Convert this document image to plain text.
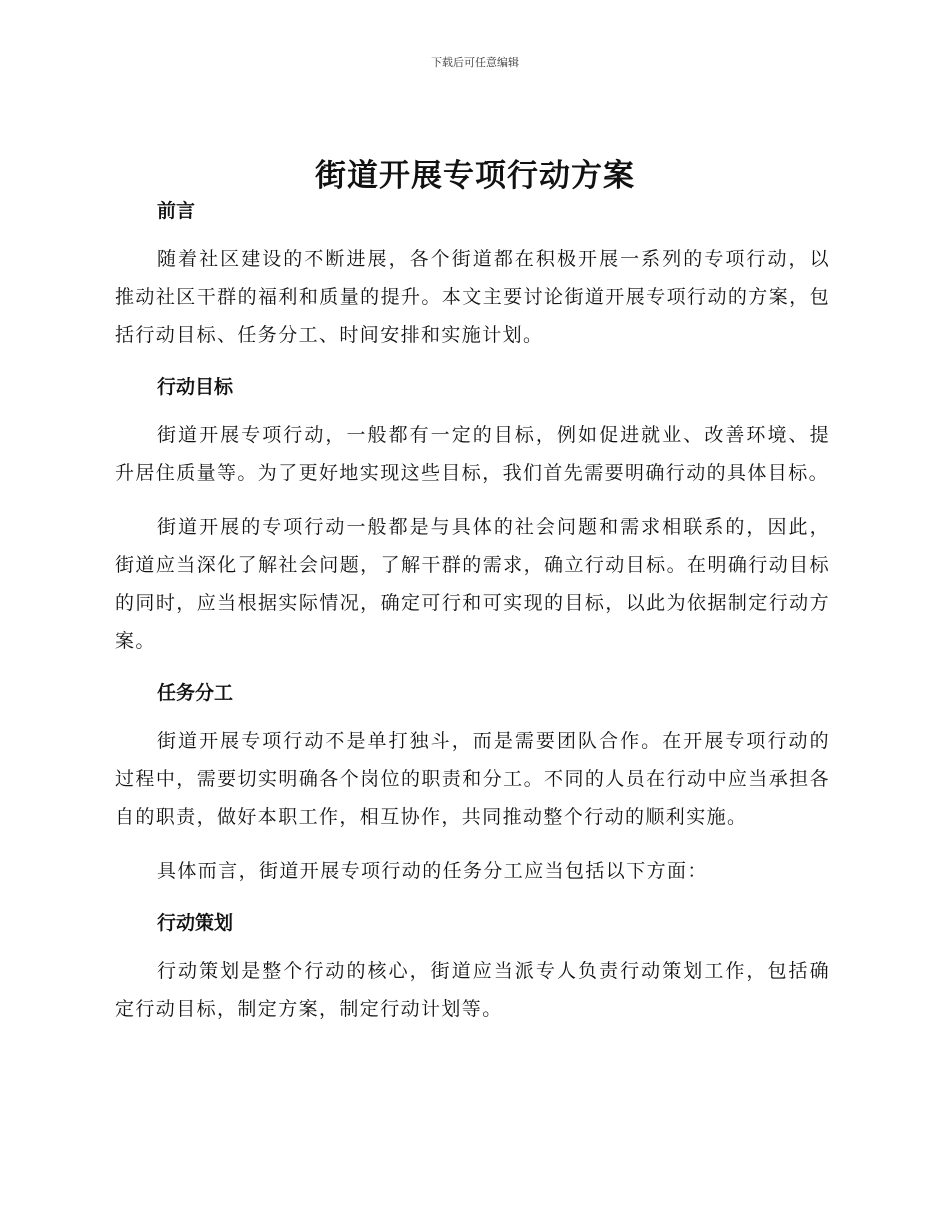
下载后可任意编辑
街道开展专项行动方案
前言

随着社区建设的不断进展，各个街道都在积极开展一系列的专项行动，以推动社区干群的福利和质量的提升。本文主要讨论街道开展专项行动的方案，包括行动目标、任务分工、时间安排和实施计划。

行动目标

街道开展专项行动，一般都有一定的目标，例如促进就业、改善环境、提升居住质量等。为了更好地实现这些目标，我们首先需要明确行动的具体目标。

街道开展的专项行动一般都是与具体的社会问题和需求相联系的，因此，街道应当深化了解社会问题，了解干群的需求，确立行动目标。在明确行动目标的同时，应当根据实际情况，确定可行和可实现的目标，以此为依据制定行动方案。

任务分工

街道开展专项行动不是单打独斗，而是需要团队合作。在开展专项行动的过程中，需要切实明确各个岗位的职责和分工。不同的人员在行动中应当承担各自的职责，做好本职工作，相互协作，共同推动整个行动的顺利实施。

具体而言，街道开展专项行动的任务分工应当包括以下方面：

行动策划

行动策划是整个行动的核心，街道应当派专人负责行动策划工作，包括确定行动目标，制定方案，制定行动计划等。
